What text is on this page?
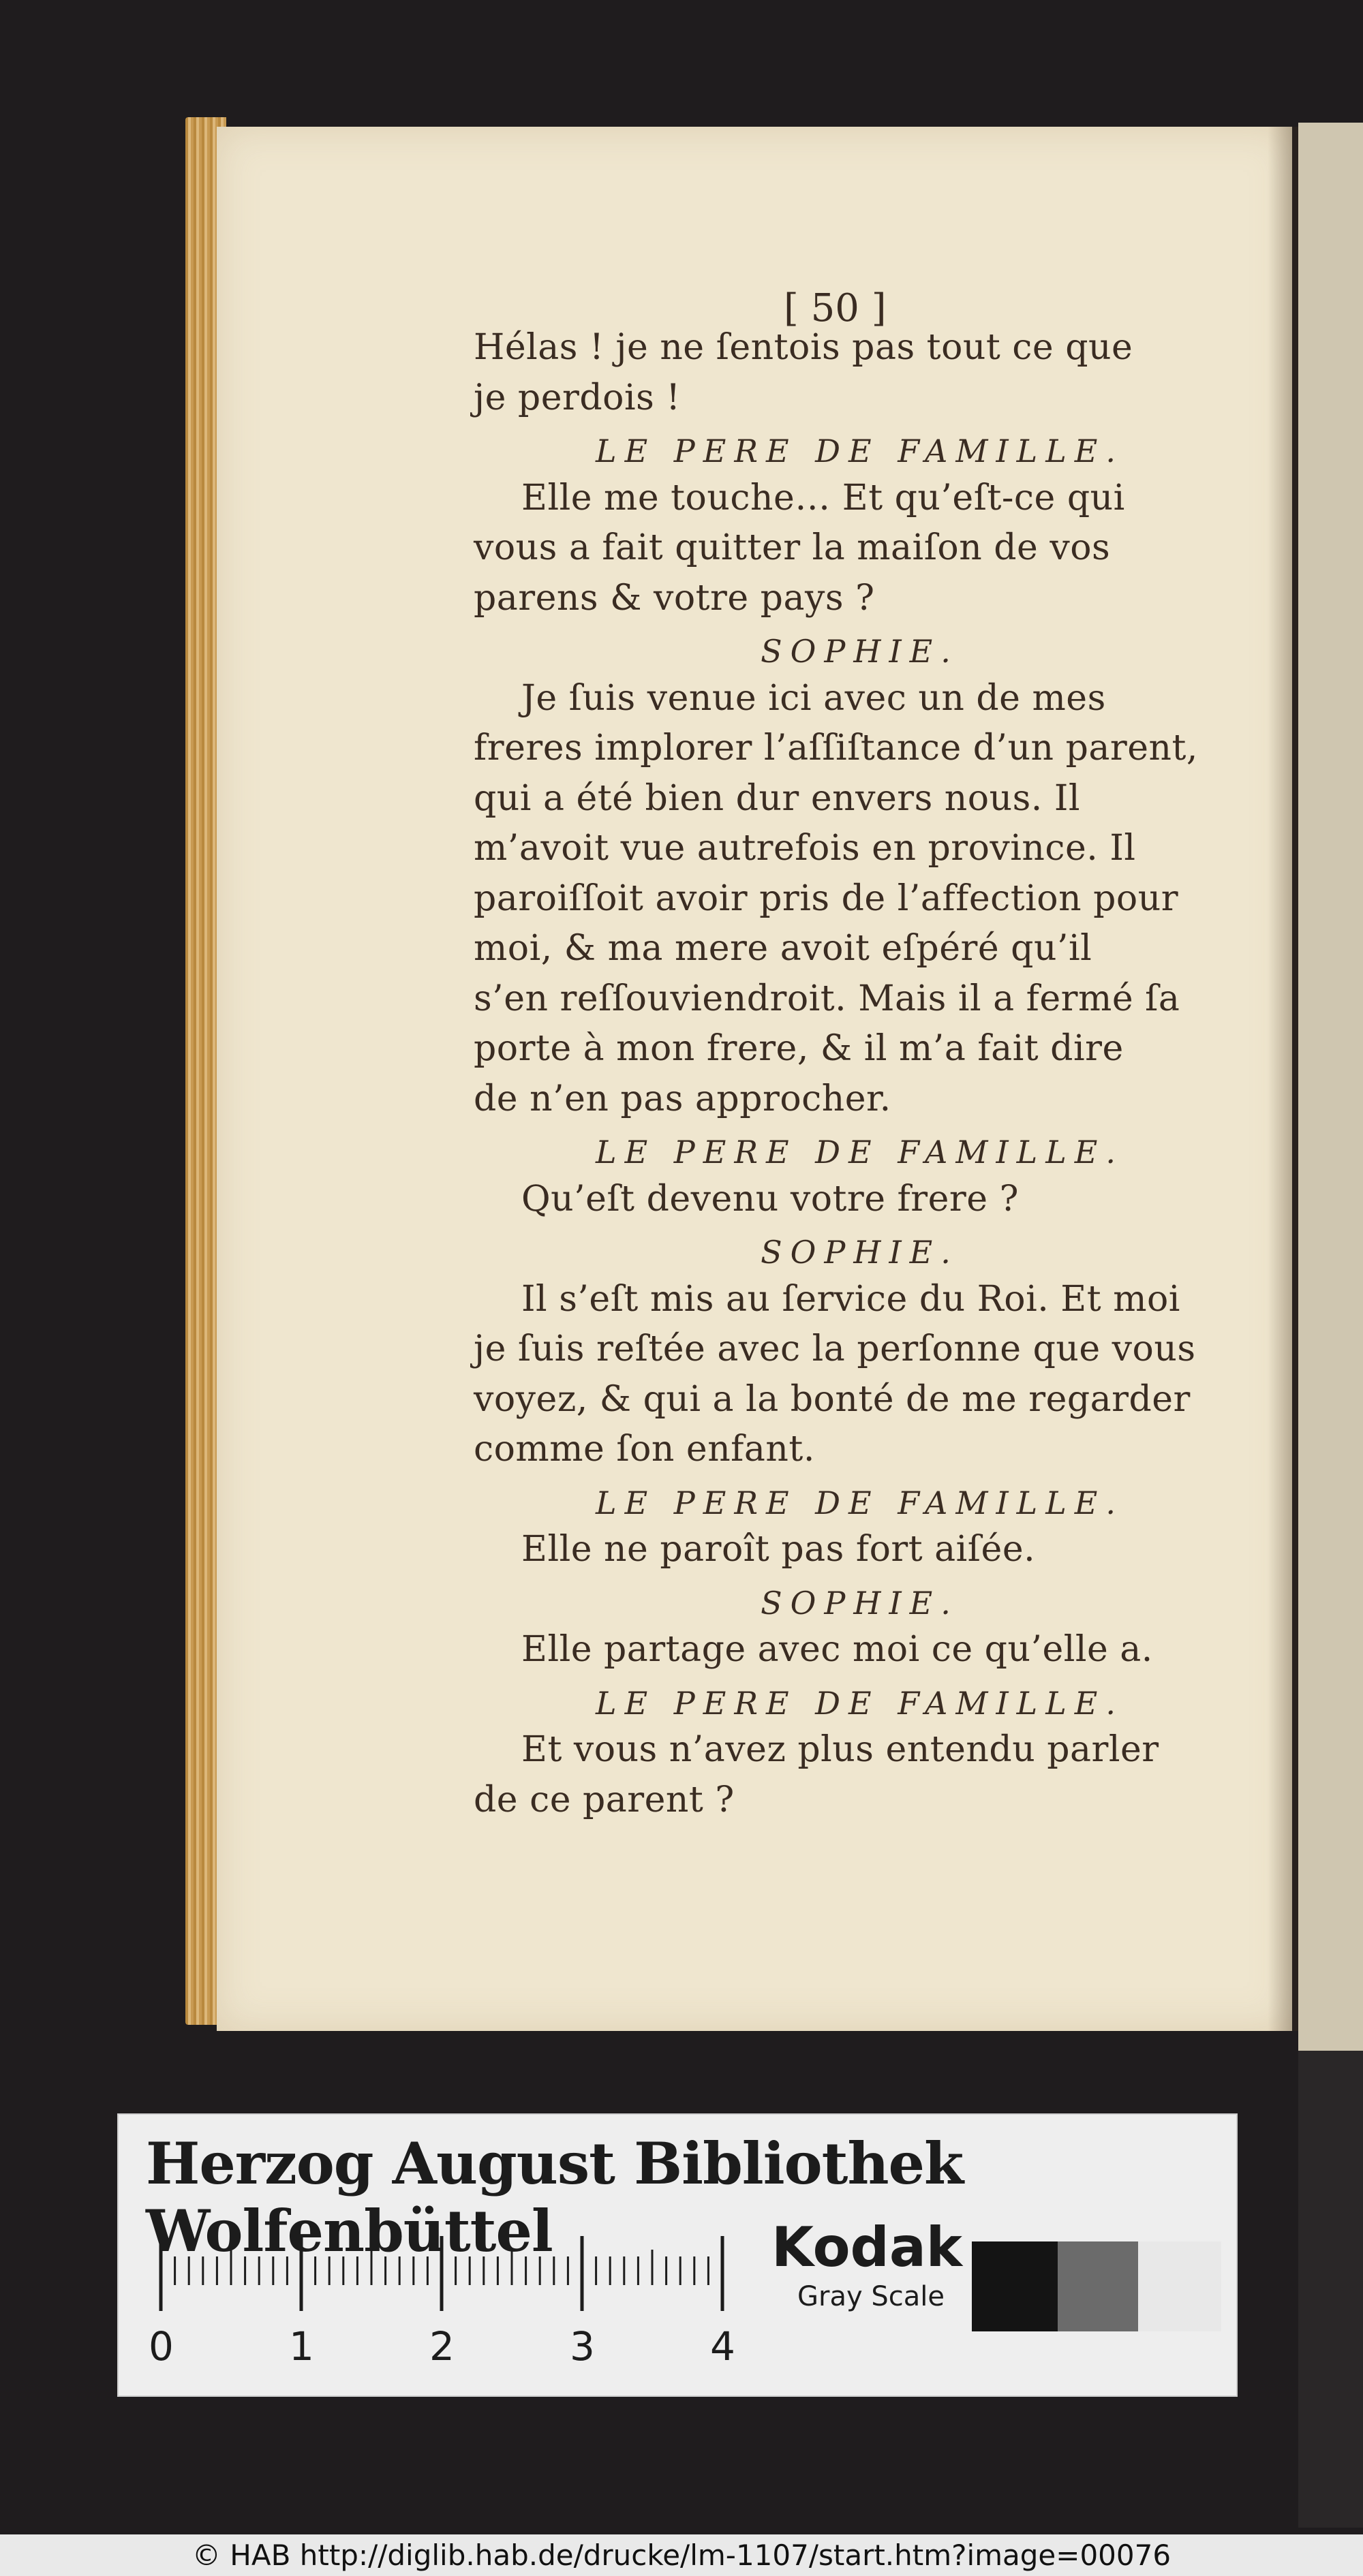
[ 50 ]
Hélas ! je ne ſentois pas tout ce que
je perdois !
LE PERE DE FAMILLE.
Elle me touche… Et qu’eſt-ce qui
vous a fait quitter la maiſon de vos
parens & votre pays ?
SOPHIE.
Je ſuis venue ici avec un de mes
freres implorer l’aſſiſtance d’un parent,
qui a été bien dur envers nous. Il
m’avoit vue autrefois en province. Il
paroiſſoit avoir pris de l’affection pour
moi, & ma mere avoit eſpéré qu’il
s’en reſſouviendroit. Mais il a fermé ſa
porte à mon frere, & il m’a fait dire
de n’en pas approcher.
LE PERE DE FAMILLE.
Qu’eſt devenu votre frere ?
SOPHIE.
Il s’eſt mis au ſervice du Roi. Et moi
je ſuis reſtée avec la perſonne que vous
voyez, & qui a la bonté de me regarder
comme ſon enfant.
LE PERE DE FAMILLE.
Elle ne paroît pas fort aiſée.
SOPHIE.
Elle partage avec moi ce qu’elle a.
LE PERE DE FAMILLE.
Et vous n’avez plus entendu parler
de ce parent ?
Herzog August Bibliothek Wolfenbüttel
0	1	2	3	4
Kodak
Gray Scale
© HAB http://diglib.hab.de/drucke/lm-1107/start.htm?image=00076
